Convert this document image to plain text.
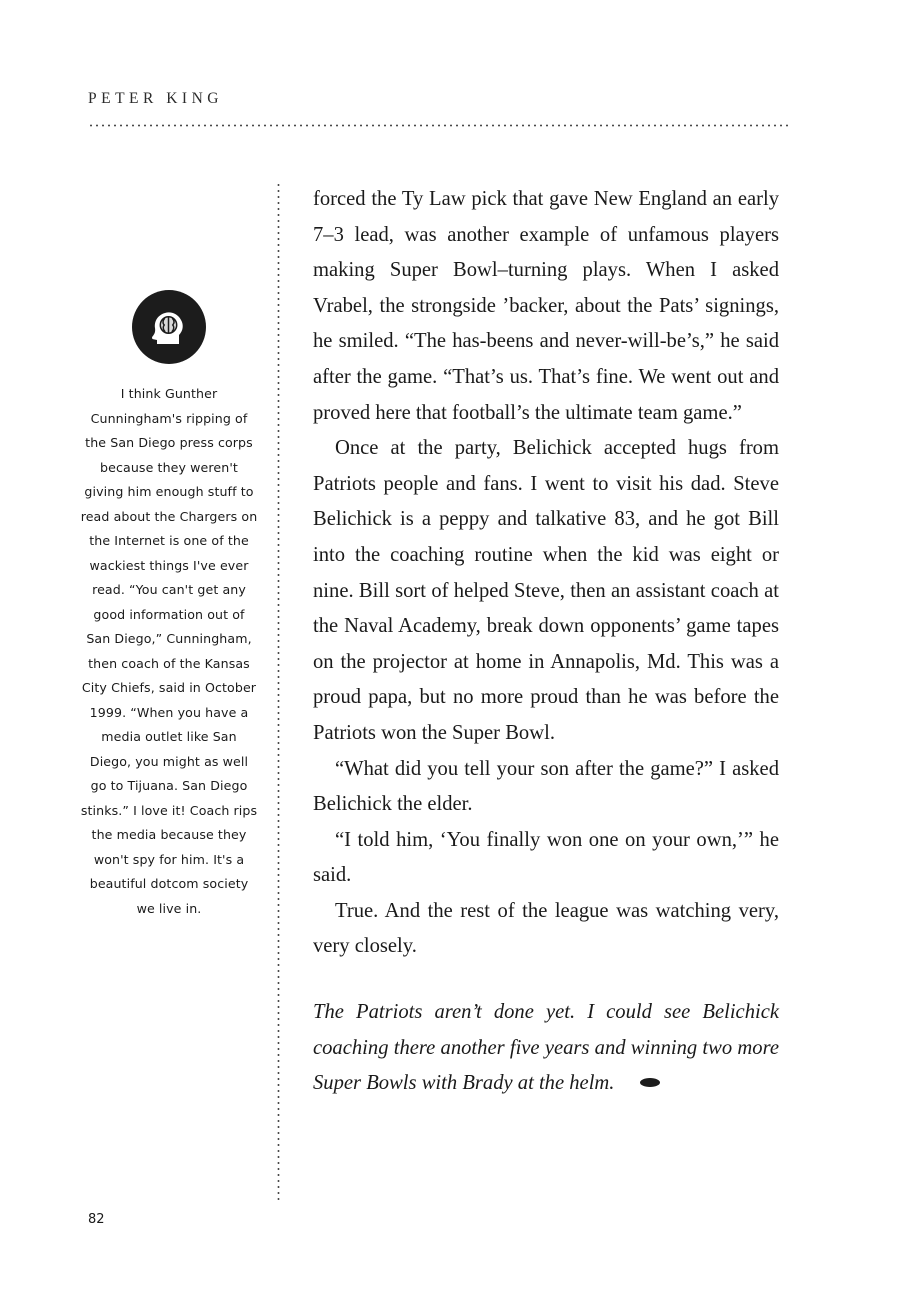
PETER KING
I think Gunther Cunningham's ripping of the San Diego press corps because they weren't giving him enough stuff to read about the Chargers on the Internet is one of the wackiest things I've ever read. “You can't get any good information out of San Diego,” Cunningham, then coach of the Kansas City Chiefs, said in October 1999. “When you have a media outlet like San Diego, you might as well go to Tijuana. San Diego stinks.” I love it! Coach rips the media because they won't spy for him. It's a beautiful dotcom society we live in.

forced the Ty Law pick that gave New England an early 7–3 lead, was another example of unfamous players making Super Bowl–turning plays. When I asked Vrabel, the strongside ’backer, about the Pats’ signings, he smiled. “The has-beens and never-will-be’s,” he said after the game. “That’s us. That’s fine. We went out and proved here that football’s the ultimate team game.”

Once at the party, Belichick accepted hugs from Patriots people and fans. I went to visit his dad. Steve Belichick is a peppy and talkative 83, and he got Bill into the coaching routine when the kid was eight or nine. Bill sort of helped Steve, then an assistant coach at the Naval Academy, break down opponents’ game tapes on the projector at home in Annapolis, Md. This was a proud papa, but no more proud than he was before the Patriots won the Super Bowl.

“What did you tell your son after the game?” I asked Belichick the elder.

“I told him, ‘You finally won one on your own,’” he said.

True. And the rest of the league was watching very, very closely.

The Patriots aren’t done yet. I could see Belichick coaching there another five years and winning two more Super Bowls with Brady at the helm.

82
